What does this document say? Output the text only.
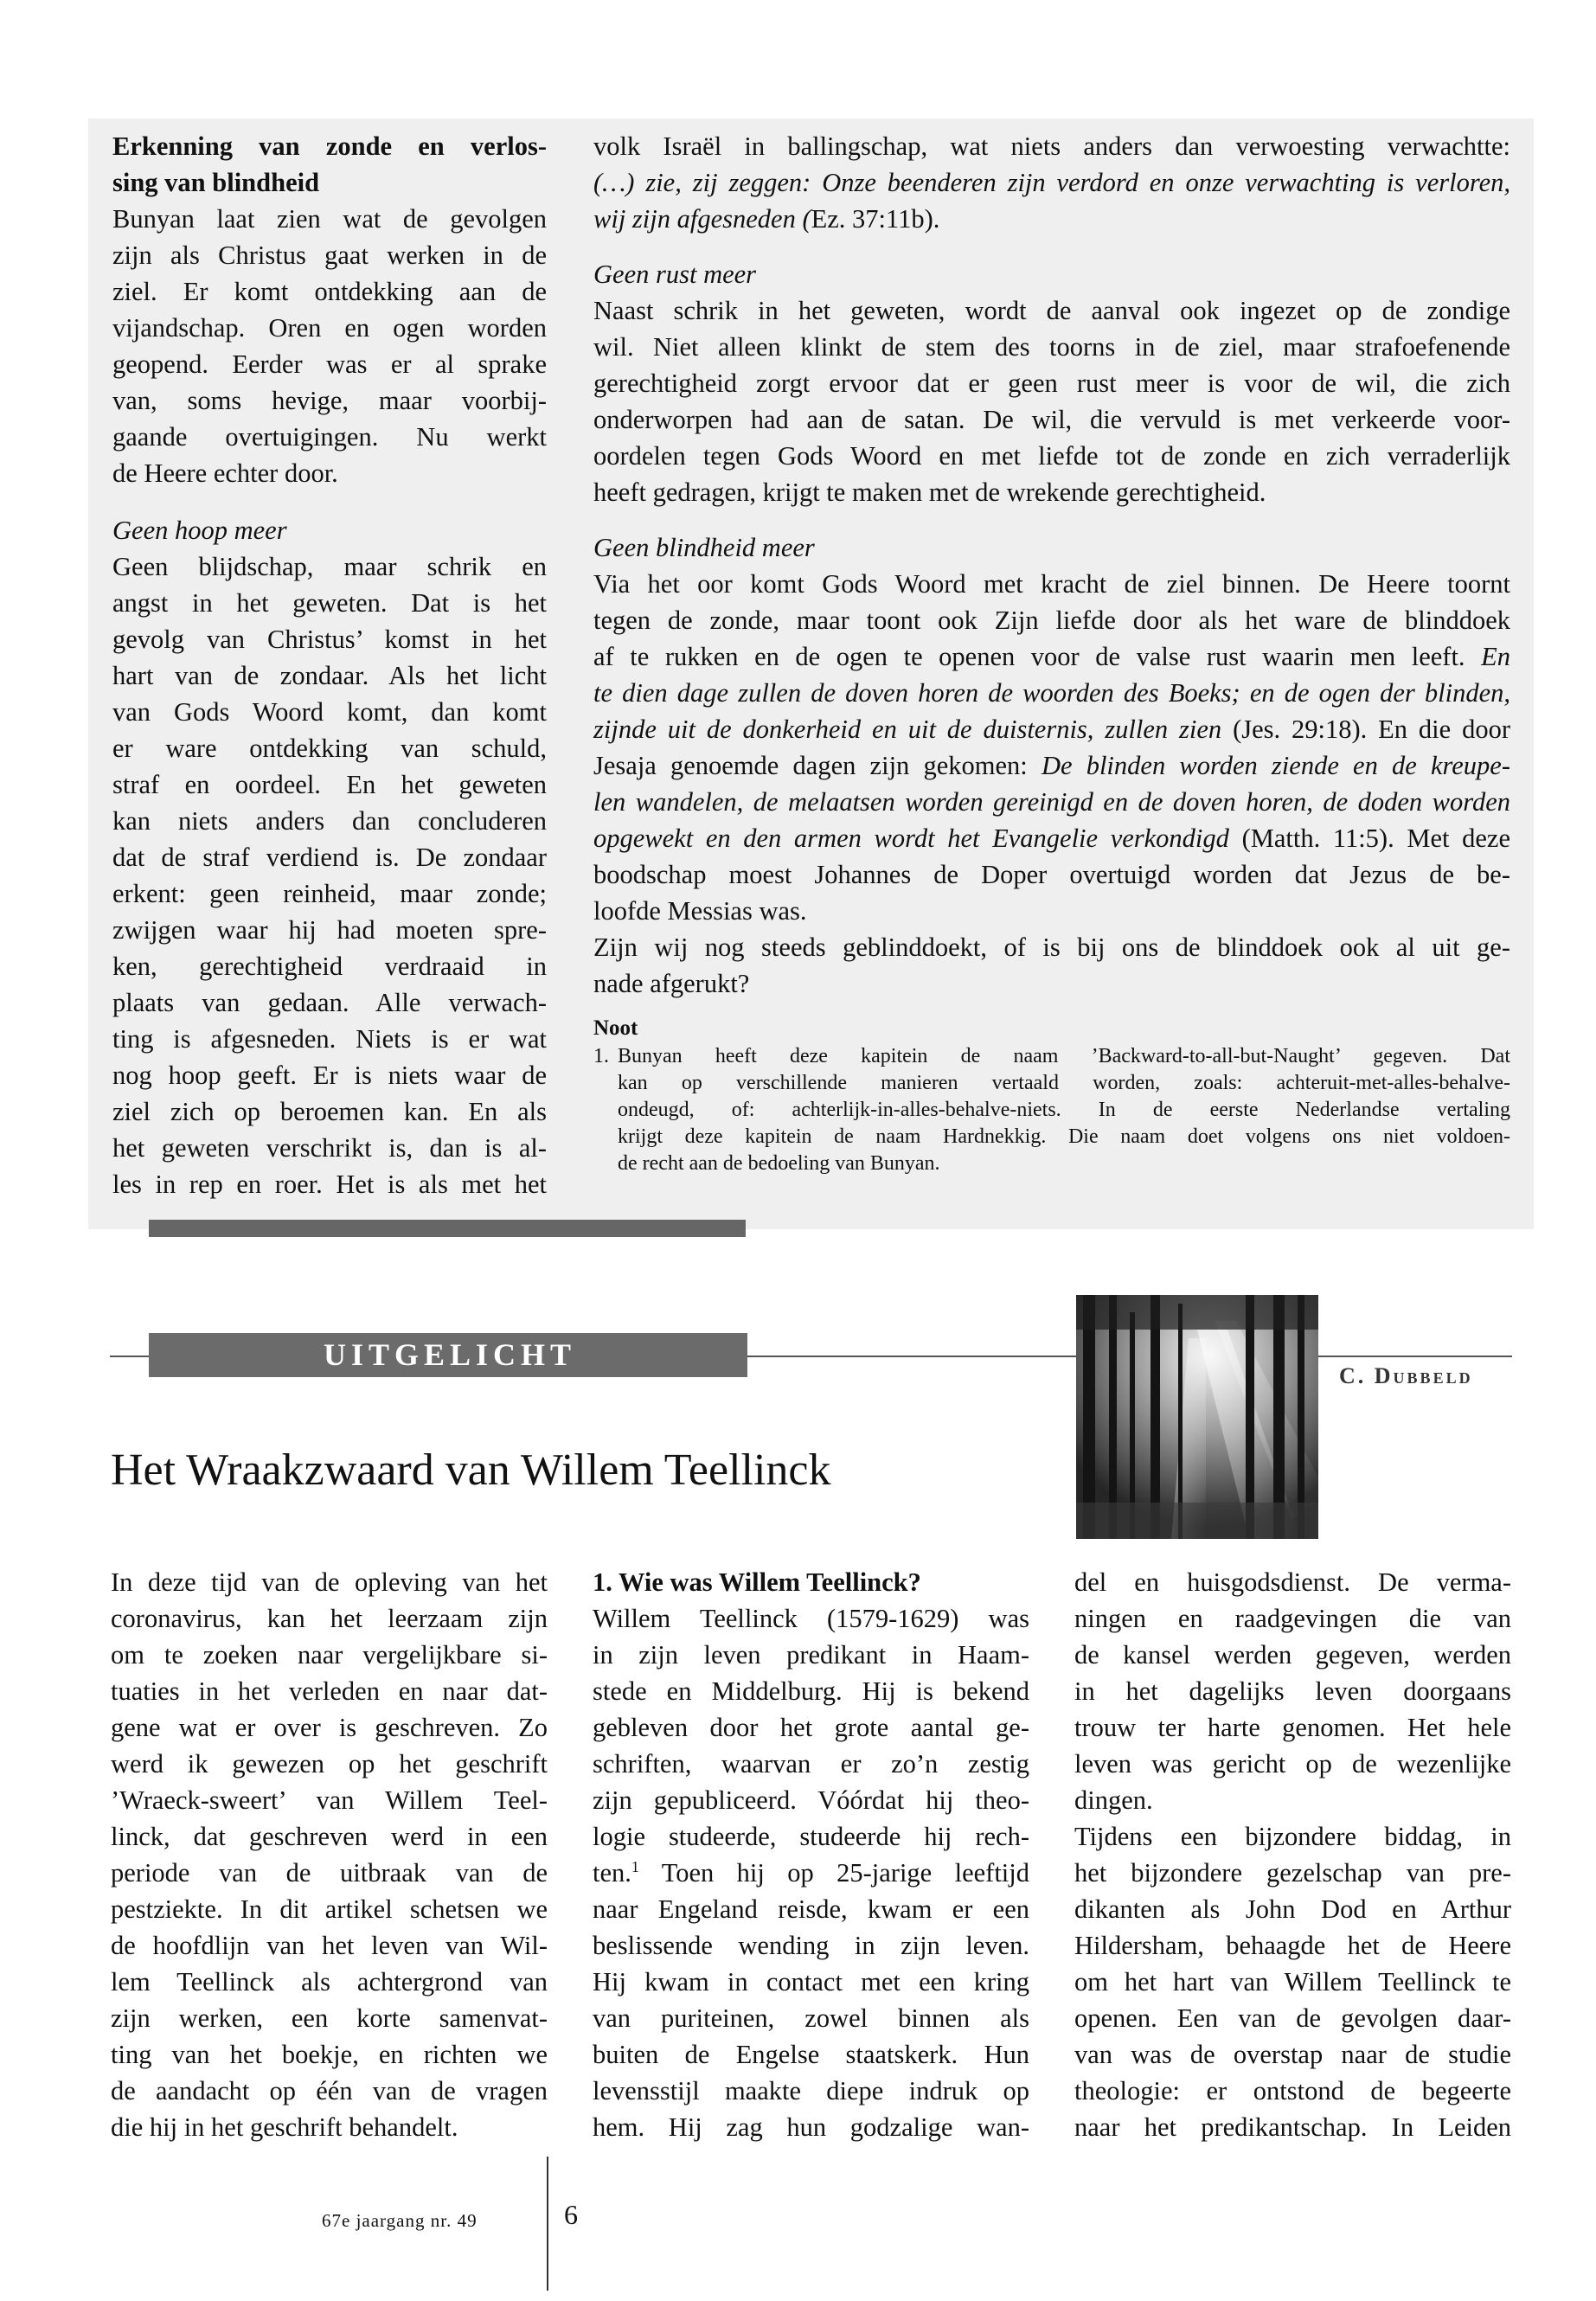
Erkenning van zonde en verlos-
sing van blindheid
Bunyan laat zien wat de gevolgen
zijn als Christus gaat werken in de
ziel. Er komt ontdekking aan de
vijandschap. Oren en ogen worden
geopend. Eerder was er al sprake
van, soms hevige, maar voorbij-
gaande overtuigingen. Nu werkt
de Heere echter door.
Geen hoop meer
Geen blijdschap, maar schrik en
angst in het geweten. Dat is het
gevolg van Christus’ komst in het
hart van de zondaar. Als het licht
van Gods Woord komt, dan komt
er ware ontdekking van schuld,
straf en oordeel. En het geweten
kan niets anders dan concluderen
dat de straf verdiend is. De zondaar
erkent: geen reinheid, maar zonde;
zwijgen waar hij had moeten spre-
ken, gerechtigheid verdraaid in
plaats van gedaan. Alle verwach-
ting is afgesneden. Niets is er wat
nog hoop geeft. Er is niets waar de
ziel zich op beroemen kan. En als
het geweten verschrikt is, dan is al-
les in rep en roer. Het is als met het
volk Israël in ballingschap, wat niets anders dan verwoesting verwachtte:
(…) zie, zij zeggen: Onze beenderen zijn verdord en onze verwachting is verloren,
wij zijn afgesneden (Ez. 37:11b).
Geen rust meer
Naast schrik in het geweten, wordt de aanval ook ingezet op de zondige
wil. Niet alleen klinkt de stem des toorns in de ziel, maar strafoefenende
gerechtigheid zorgt ervoor dat er geen rust meer is voor de wil, die zich
onderworpen had aan de satan. De wil, die vervuld is met verkeerde voor-
oordelen tegen Gods Woord en met liefde tot de zonde en zich verraderlijk
heeft gedragen, krijgt te maken met de wrekende gerechtigheid.
Geen blindheid meer
Via het oor komt Gods Woord met kracht de ziel binnen. De Heere toornt
tegen de zonde, maar toont ook Zijn liefde door als het ware de blinddoek
af te rukken en de ogen te openen voor de valse rust waarin men leeft. En
te dien dage zullen de doven horen de woorden des Boeks; en de ogen der blinden,
zijnde uit de donkerheid en uit de duisternis, zullen zien (Jes. 29:18). En die door
Jesaja genoemde dagen zijn gekomen: De blinden worden ziende en de kreupe-
len wandelen, de melaatsen worden gereinigd en de doven horen, de doden worden
opgewekt en den armen wordt het Evangelie verkondigd (Matth. 11:5). Met deze
boodschap moest Johannes de Doper overtuigd worden dat Jezus de be-
loofde Messias was.
Zijn wij nog steeds geblinddoekt, of is bij ons de blinddoek ook al uit ge-
nade afgerukt?
Noot
1. Bunyan heeft deze kapitein de naam ’Backward-to-all-but-Naught’ gegeven. Dat
kan op verschillende manieren vertaald worden, zoals: achteruit-met-alles-behalve-
ondeugd, of: achterlijk-in-alles-behalve-niets. In de eerste Nederlandse vertaling
krijgt deze kapitein de naam Hardnekkig. Die naam doet volgens ons niet voldoen-
de recht aan de bedoeling van Bunyan.
UITGELICHT
C. Dubbeld
Het Wraakzwaard van Willem Teellinck
In deze tijd van de opleving van het
coronavirus, kan het leerzaam zijn
om te zoeken naar vergelijkbare si-
tuaties in het verleden en naar dat-
gene wat er over is geschreven. Zo
werd ik gewezen op het geschrift
’Wraeck-sweert’ van Willem Teel-
linck, dat geschreven werd in een
periode van de uitbraak van de
pestziekte. In dit artikel schetsen we
de hoofdlijn van het leven van Wil-
lem Teellinck als achtergrond van
zijn werken, een korte samenvat-
ting van het boekje, en richten we
de aandacht op één van de vragen
die hij in het geschrift behandelt.
1. Wie was Willem Teellinck?
Willem Teellinck (1579-1629) was
in zijn leven predikant in Haam-
stede en Middelburg. Hij is bekend
gebleven door het grote aantal ge-
schriften, waarvan er zo’n zestig
zijn gepubliceerd. Vóórdat hij theo-
logie studeerde, studeerde hij rech-
ten.$^1$ Toen hij op 25-jarige leeftijd
naar Engeland reisde, kwam er een
beslissende wending in zijn leven.
Hij kwam in contact met een kring
van puriteinen, zowel binnen als
buiten de Engelse staatskerk. Hun
levensstijl maakte diepe indruk op
hem. Hij zag hun godzalige wan-
del en huisgodsdienst. De verma-
ningen en raadgevingen die van
de kansel werden gegeven, werden
in het dagelijks leven doorgaans
trouw ter harte genomen. Het hele
leven was gericht op de wezenlijke
dingen.
Tijdens een bijzondere biddag, in
het bijzondere gezelschap van pre-
dikanten als John Dod en Arthur
Hildersham, behaagde het de Heere
om het hart van Willem Teellinck te
openen. Een van de gevolgen daar-
van was de overstap naar de studie
theologie: er ontstond de begeerte
naar het predikantschap. In Leiden
67e jaargang nr. 49	6
